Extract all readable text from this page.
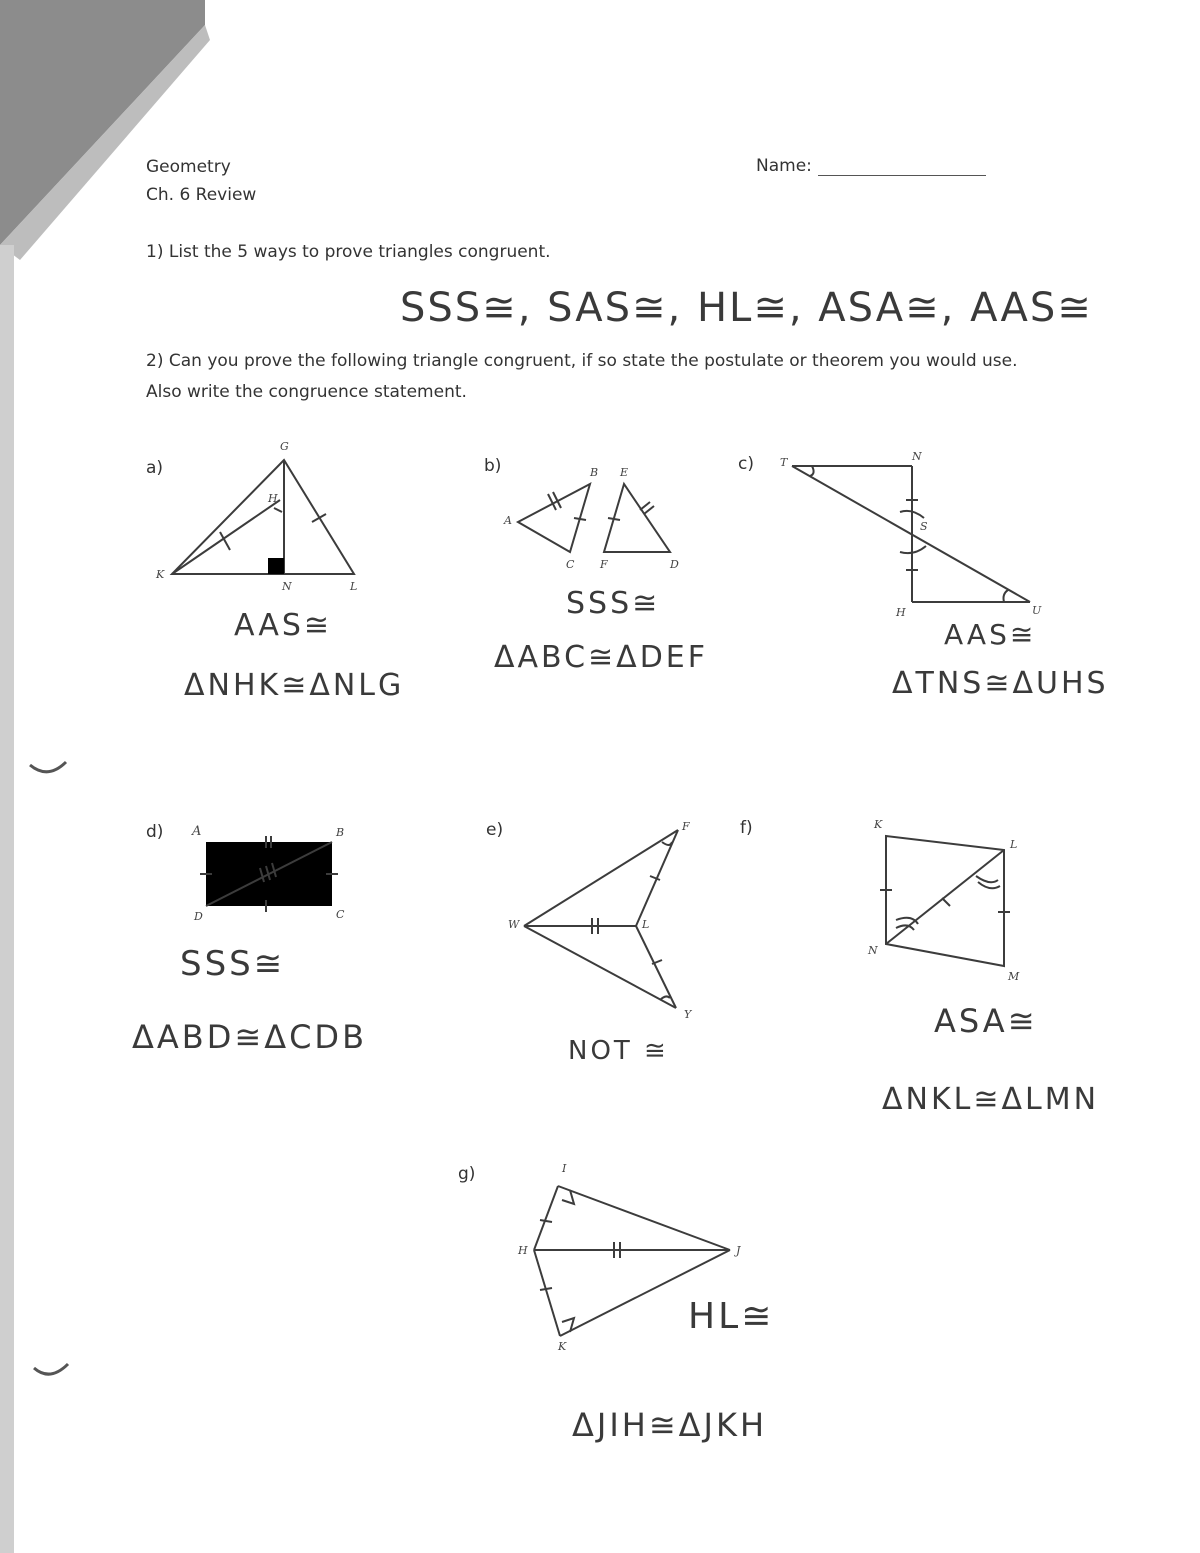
Geometry
Ch. 6 Review
Name:
1) List the 5 ways to prove triangles congruent.
SSS≅, SAS≅, HL≅, ASA≅, AAS≅
2) Can you prove the following triangle congruent, if so state the postulate or theorem you would use.
Also write the congruence statement.
a)
G
H
K
N	L
AAS≅
ΔNHK≅ΔNLG
b)	B E
A
C F	D
SSS≅
ΔABC≅ΔDEF
c) T	N
S
H	U
AAS≅
ΔTNS≅ΔUHS
d) A	B
D	C
SSS≅
ΔABD≅ΔCDB
e)	F
W	L
Y
NOT ≅
f)	K
L
N
M
ASA≅
ΔNKL≅ΔLMN
g)	I
H	J
K
HL≅
ΔJIH≅ΔJKH
